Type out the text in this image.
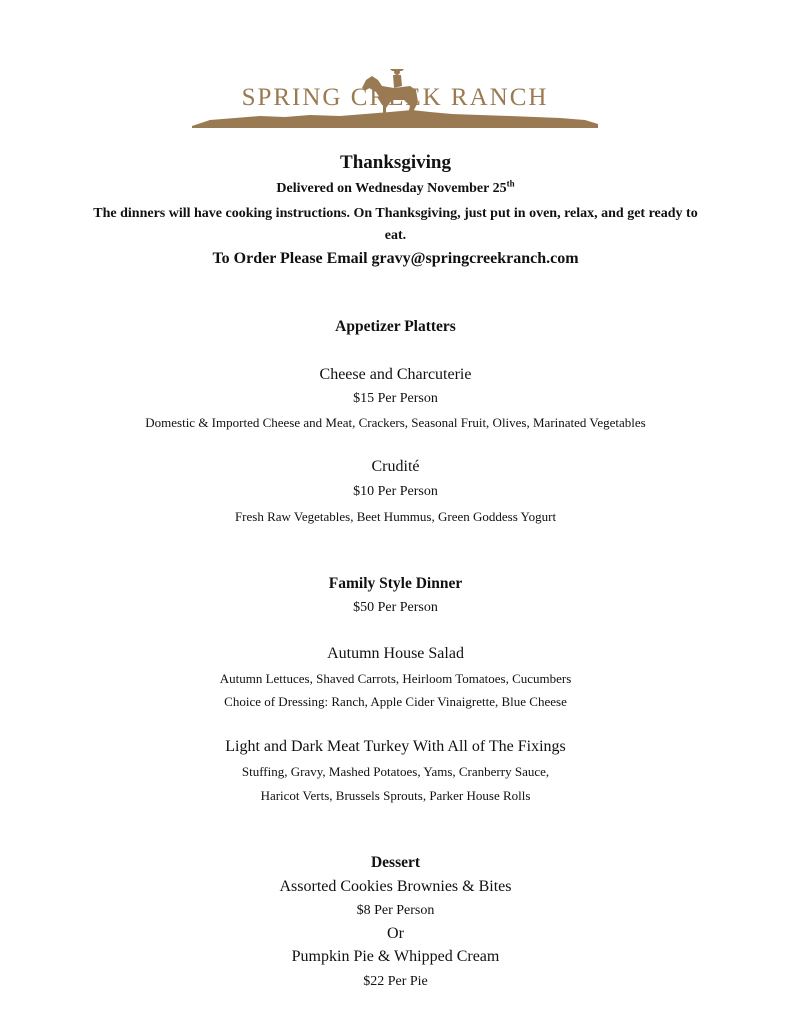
SPRING CREEK RANCH
Thanksgiving
Delivered on Wednesday November 25th
The dinners will have cooking instructions. On Thanksgiving, just put in oven, relax, and get ready to
eat.
To Order Please Email gravy@springcreekranch.com
Appetizer Platters
Cheese and Charcuterie
$15 Per Person
Domestic & Imported Cheese and Meat, Crackers, Seasonal Fruit, Olives, Marinated Vegetables
Crudité
$10 Per Person
Fresh Raw Vegetables, Beet Hummus, Green Goddess Yogurt
Family Style Dinner
$50 Per Person
Autumn House Salad
Autumn Lettuces, Shaved Carrots, Heirloom Tomatoes, Cucumbers
Choice of Dressing: Ranch, Apple Cider Vinaigrette, Blue Cheese
Light and Dark Meat Turkey With All of The Fixings
Stuffing, Gravy, Mashed Potatoes, Yams, Cranberry Sauce,
Haricot Verts, Brussels Sprouts, Parker House Rolls
Dessert
Assorted Cookies Brownies & Bites
$8 Per Person
Or
Pumpkin Pie & Whipped Cream
$22 Per Pie
